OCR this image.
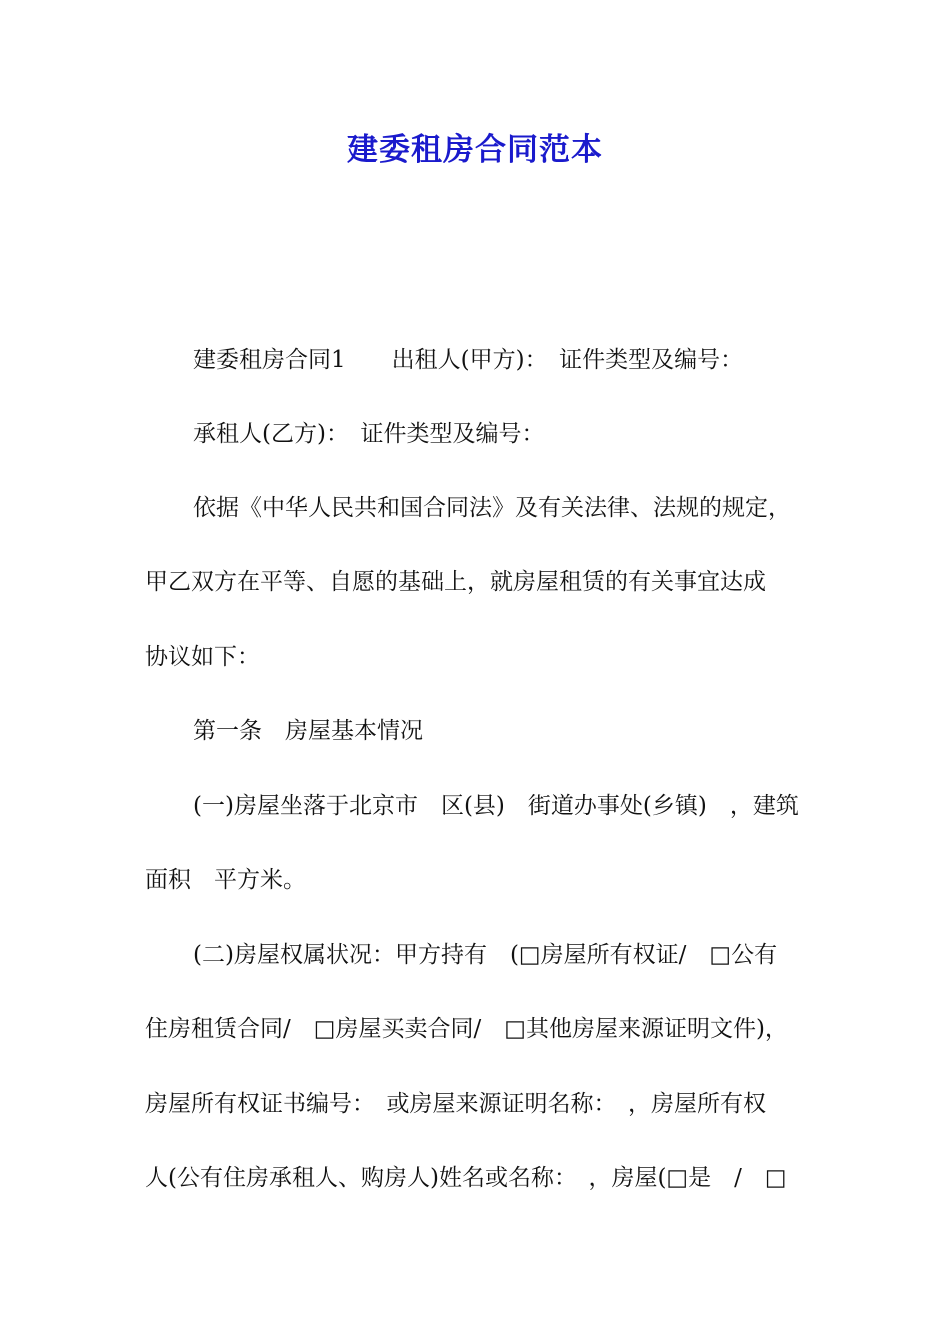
建委租房合同范本
建委租房合同1　　出租人(甲方)：　证件类型及编号：
承租人(乙方)：　证件类型及编号：
依据《中华人民共和国合同法》及有关法律、法规的规定，
甲乙双方在平等、自愿的基础上，就房屋租赁的有关事宜达成
协议如下：
第一条　房屋基本情况
(一)房屋坐落于北京市　区(县)　街道办事处(乡镇)　，建筑
面积　平方米。
(二)房屋权属状况：甲方持有　(□房屋所有权证/　□公有
住房租赁合同/　□房屋买卖合同/　□其他房屋来源证明文件)，
房屋所有权证书编号：　或房屋来源证明名称：　，房屋所有权
人(公有住房承租人、购房人)姓名或名称：　，房屋(□是　/　□
